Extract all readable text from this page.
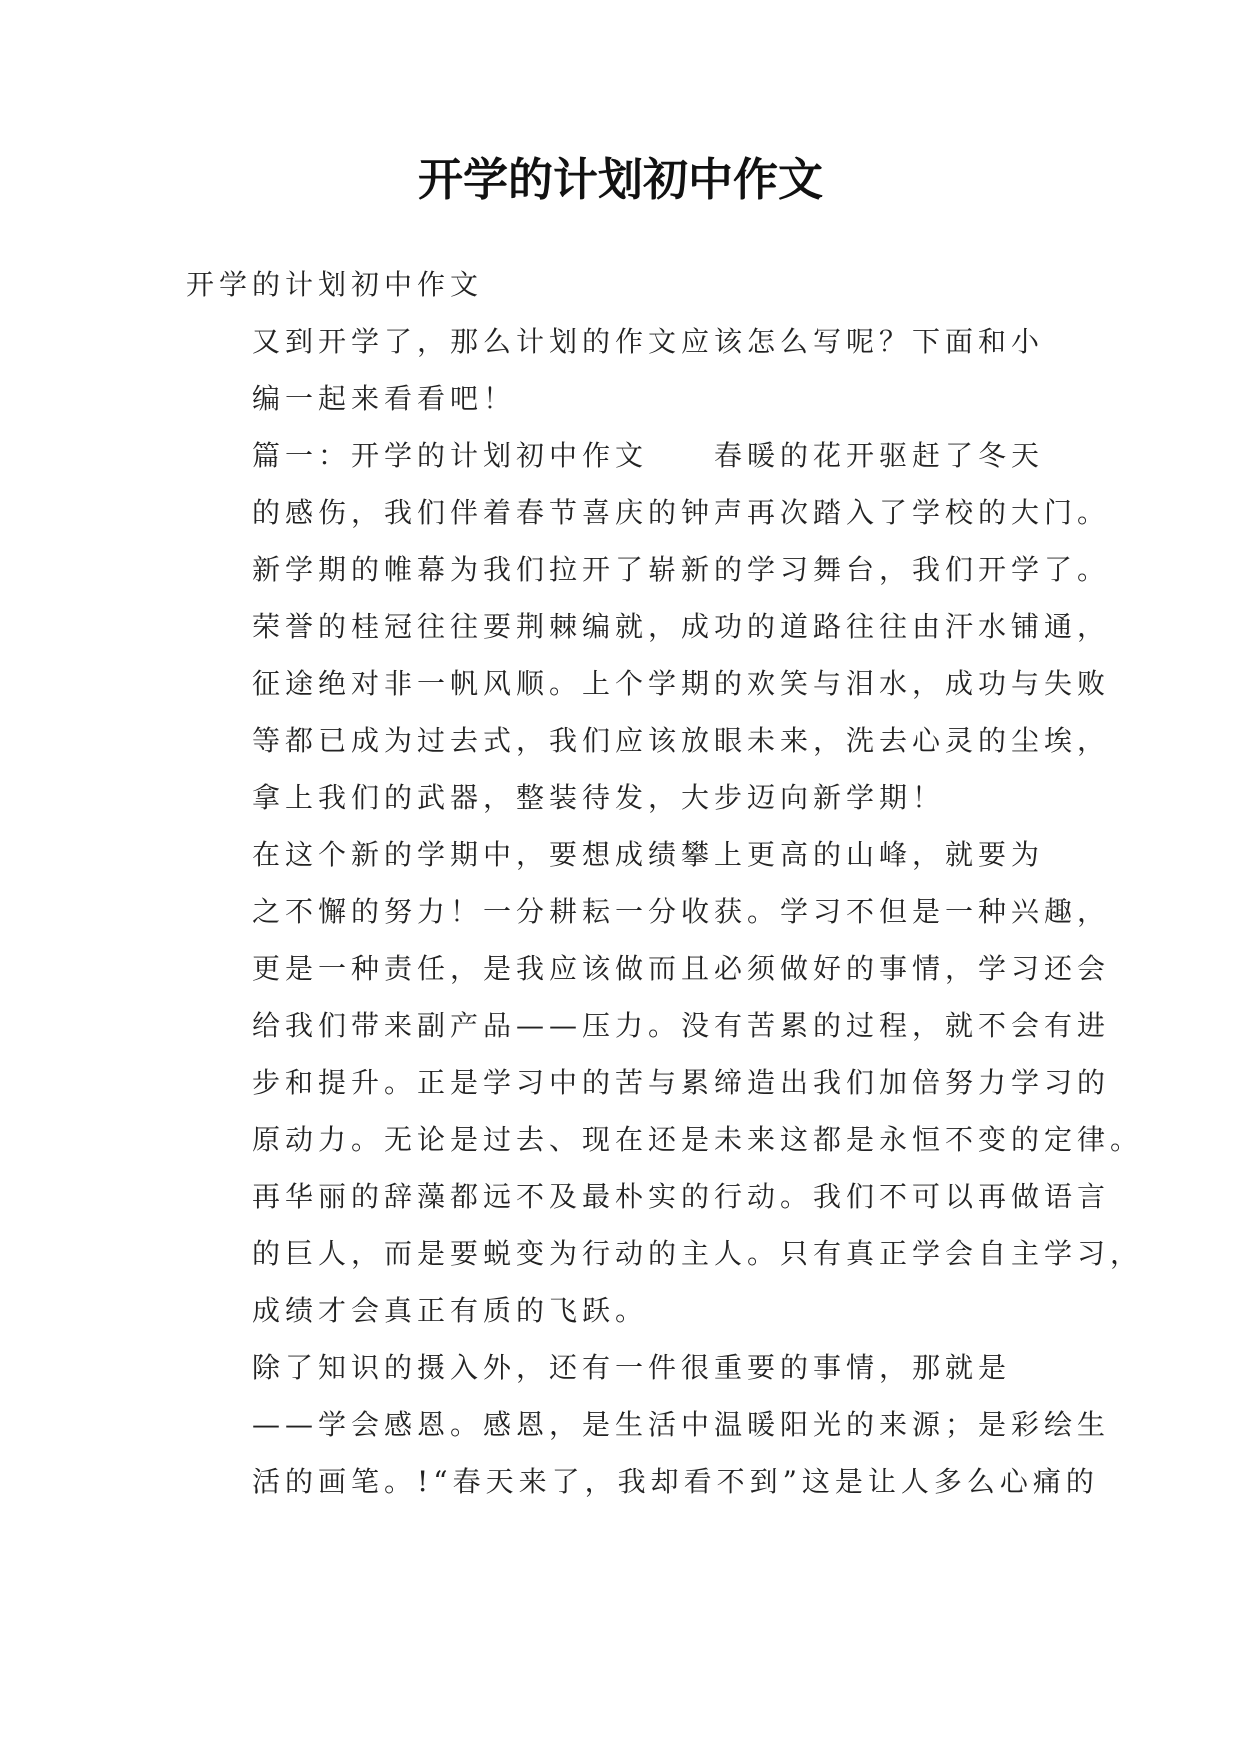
开学的计划初中作文

开学的计划初中作文

又到开学了，那么计划的作文应该怎么写呢？下面和小
编一起来看看吧！

篇一：开学的计划初中作文　　春暖的花开驱赶了冬天
的感伤，我们伴着春节喜庆的钟声再次踏入了学校的大门。
新学期的帷幕为我们拉开了崭新的学习舞台，我们开学了。
荣誉的桂冠往往要荆棘编就，成功的道路往往由汗水铺通，
征途绝对非一帆风顺。上个学期的欢笑与泪水，成功与失败
等都已成为过去式，我们应该放眼未来，洗去心灵的尘埃，
拿上我们的武器，整装待发，大步迈向新学期！

在这个新的学期中，要想成绩攀上更高的山峰，就要为
之不懈的努力！一分耕耘一分收获。学习不但是一种兴趣，
更是一种责任，是我应该做而且必须做好的事情，学习还会
给我们带来副产品——压力。没有苦累的过程，就不会有进
步和提升。正是学习中的苦与累缔造出我们加倍努力学习的
原动力。无论是过去、现在还是未来这都是永恒不变的定律。
再华丽的辞藻都远不及最朴实的行动。我们不可以再做语言
的巨人，而是要蜕变为行动的主人。只有真正学会自主学习，
成绩才会真正有质的飞跃。

除了知识的摄入外，还有一件很重要的事情，那就是
——学会感恩。感恩，是生活中温暖阳光的来源；是彩绘生
活的画笔。!“春天来了，我却看不到”这是让人多么心痛的
